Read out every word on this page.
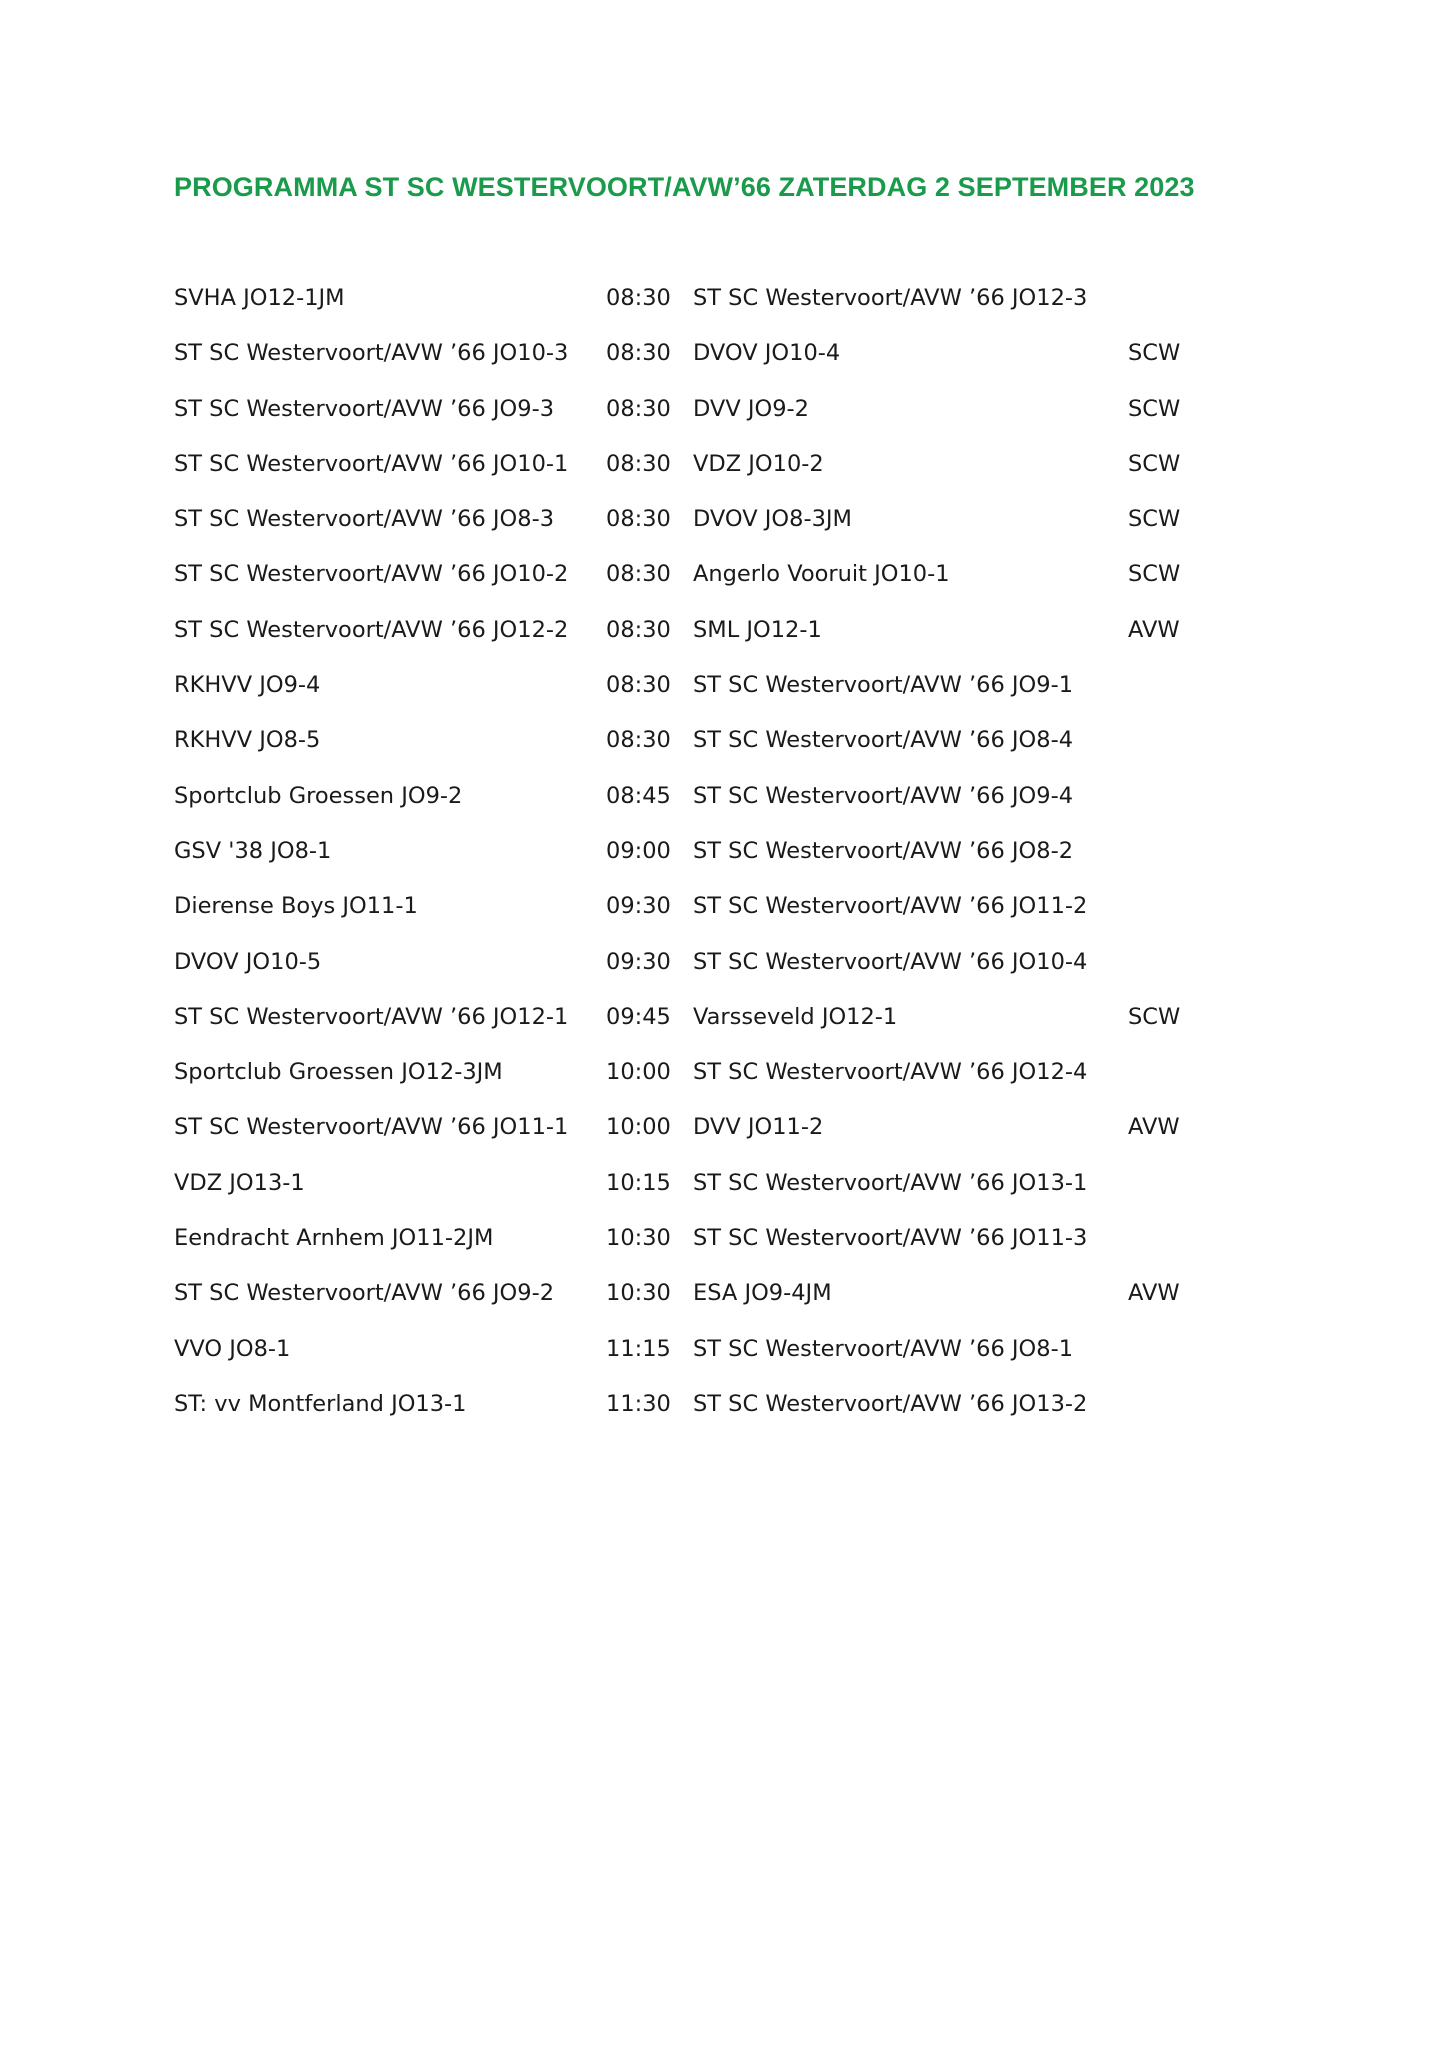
PROGRAMMA ST SC WESTERVOORT/AVW’66 ZATERDAG 2 SEPTEMBER 2023
SVHA JO12-1JM	08:30 ST SC Westervoort/AVW ’66 JO12-3
ST SC Westervoort/AVW ’66 JO10-3 08:30 DVOV JO10-4	SCW
ST SC Westervoort/AVW ’66 JO9-3 08:30 DVV JO9-2	SCW
ST SC Westervoort/AVW ’66 JO10-1 08:30 VDZ JO10-2	SCW
ST SC Westervoort/AVW ’66 JO8-3 08:30 DVOV JO8-3JM	SCW
ST SC Westervoort/AVW ’66 JO10-2 08:30 Angerlo Vooruit JO10-1	SCW
ST SC Westervoort/AVW ’66 JO12-2 08:30 SML JO12-1	AVW
RKHVV JO9-4	08:30 ST SC Westervoort/AVW ’66 JO9-1
RKHVV JO8-5	08:30 ST SC Westervoort/AVW ’66 JO8-4
Sportclub Groessen JO9-2	08:45 ST SC Westervoort/AVW ’66 JO9-4
GSV '38 JO8-1	09:00 ST SC Westervoort/AVW ’66 JO8-2
Dierense Boys JO11-1	09:30 ST SC Westervoort/AVW ’66 JO11-2
DVOV JO10-5	09:30 ST SC Westervoort/AVW ’66 JO10-4
ST SC Westervoort/AVW ’66 JO12-1 09:45 Varsseveld JO12-1	SCW
Sportclub Groessen JO12-3JM	10:00 ST SC Westervoort/AVW ’66 JO12-4
ST SC Westervoort/AVW ’66 JO11-1 10:00 DVV JO11-2	AVW
VDZ JO13-1	10:15 ST SC Westervoort/AVW ’66 JO13-1
Eendracht Arnhem JO11-2JM	10:30 ST SC Westervoort/AVW ’66 JO11-3
ST SC Westervoort/AVW ’66 JO9-2 10:30 ESA JO9-4JM	AVW
VVO JO8-1	11:15 ST SC Westervoort/AVW ’66 JO8-1
ST: vv Montferland JO13-1	11:30 ST SC Westervoort/AVW ’66 JO13-2
